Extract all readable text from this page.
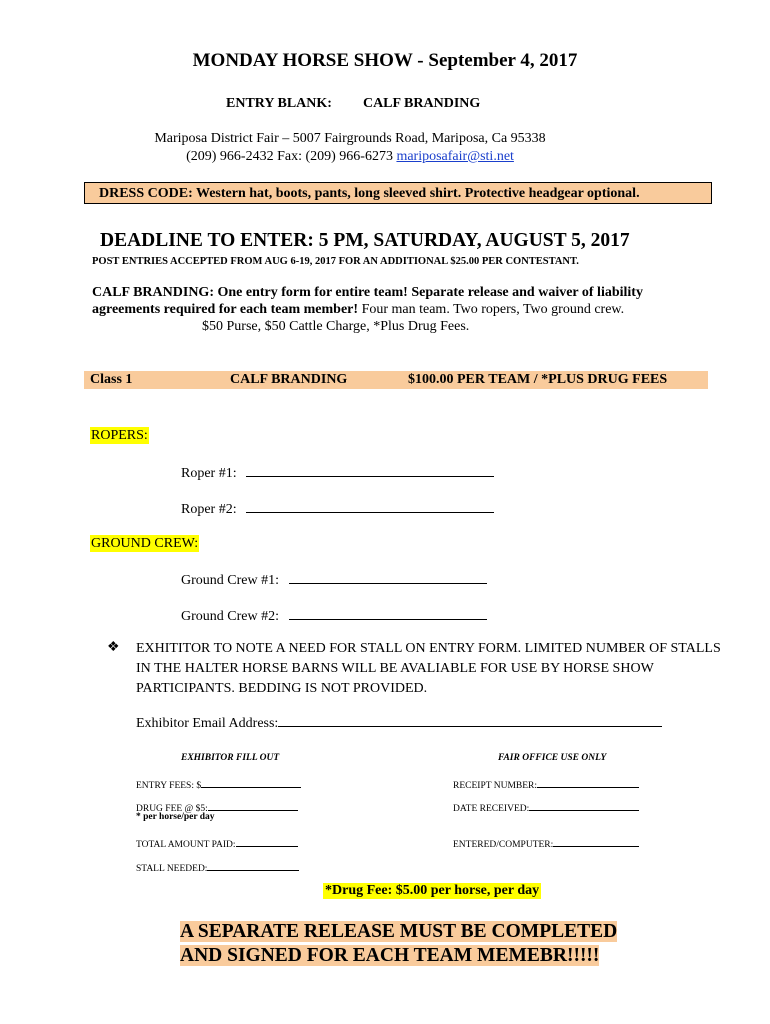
MONDAY HORSE SHOW - September 4, 2017
ENTRY BLANK: CALF BRANDING
Mariposa District Fair – 5007 Fairgrounds Road, Mariposa, Ca 95338
(209) 966-2432 Fax: (209) 966-6273 mariposafair@sti.net
DRESS CODE: Western hat, boots, pants, long sleeved shirt. Protective headgear optional.
DEADLINE TO ENTER: 5 PM, SATURDAY, AUGUST 5, 2017
POST ENTRIES ACCEPTED FROM AUG 6-19, 2017 FOR AN ADDITIONAL $25.00 PER CONTESTANT.
CALF BRANDING: One entry form for entire team! Separate release and waiver of liability agreements required for each team member! Four man team. Two ropers, Two ground crew.
$50 Purse, $50 Cattle Charge, *Plus Drug Fees.
Class 1	CALF BRANDING	$100.00 PER TEAM / *PLUS DRUG FEES
ROPERS:
Roper #1:
Roper #2:
GROUND CREW:
Ground Crew #1:
Ground Crew #2:
❖ EXHITITOR TO NOTE A NEED FOR STALL ON ENTRY FORM. LIMITED NUMBER OF STALLS IN THE HALTER HORSE BARNS WILL BE AVALIABLE FOR USE BY HORSE SHOW PARTICIPANTS. BEDDING IS NOT PROVIDED.
Exhibitor Email Address:
EXHIBITOR FILL OUT
ENTRY FEES: $
DRUG FEE @ $5:
* per horse/per day
TOTAL AMOUNT PAID:
STALL NEEDED:
FAIR OFFICE USE ONLY
RECEIPT NUMBER:
DATE RECEIVED:
ENTERED/COMPUTER:
*Drug Fee: $5.00 per horse, per day
A SEPARATE RELEASE MUST BE COMPLETED
AND SIGNED FOR EACH TEAM MEMEBR!!!!!
